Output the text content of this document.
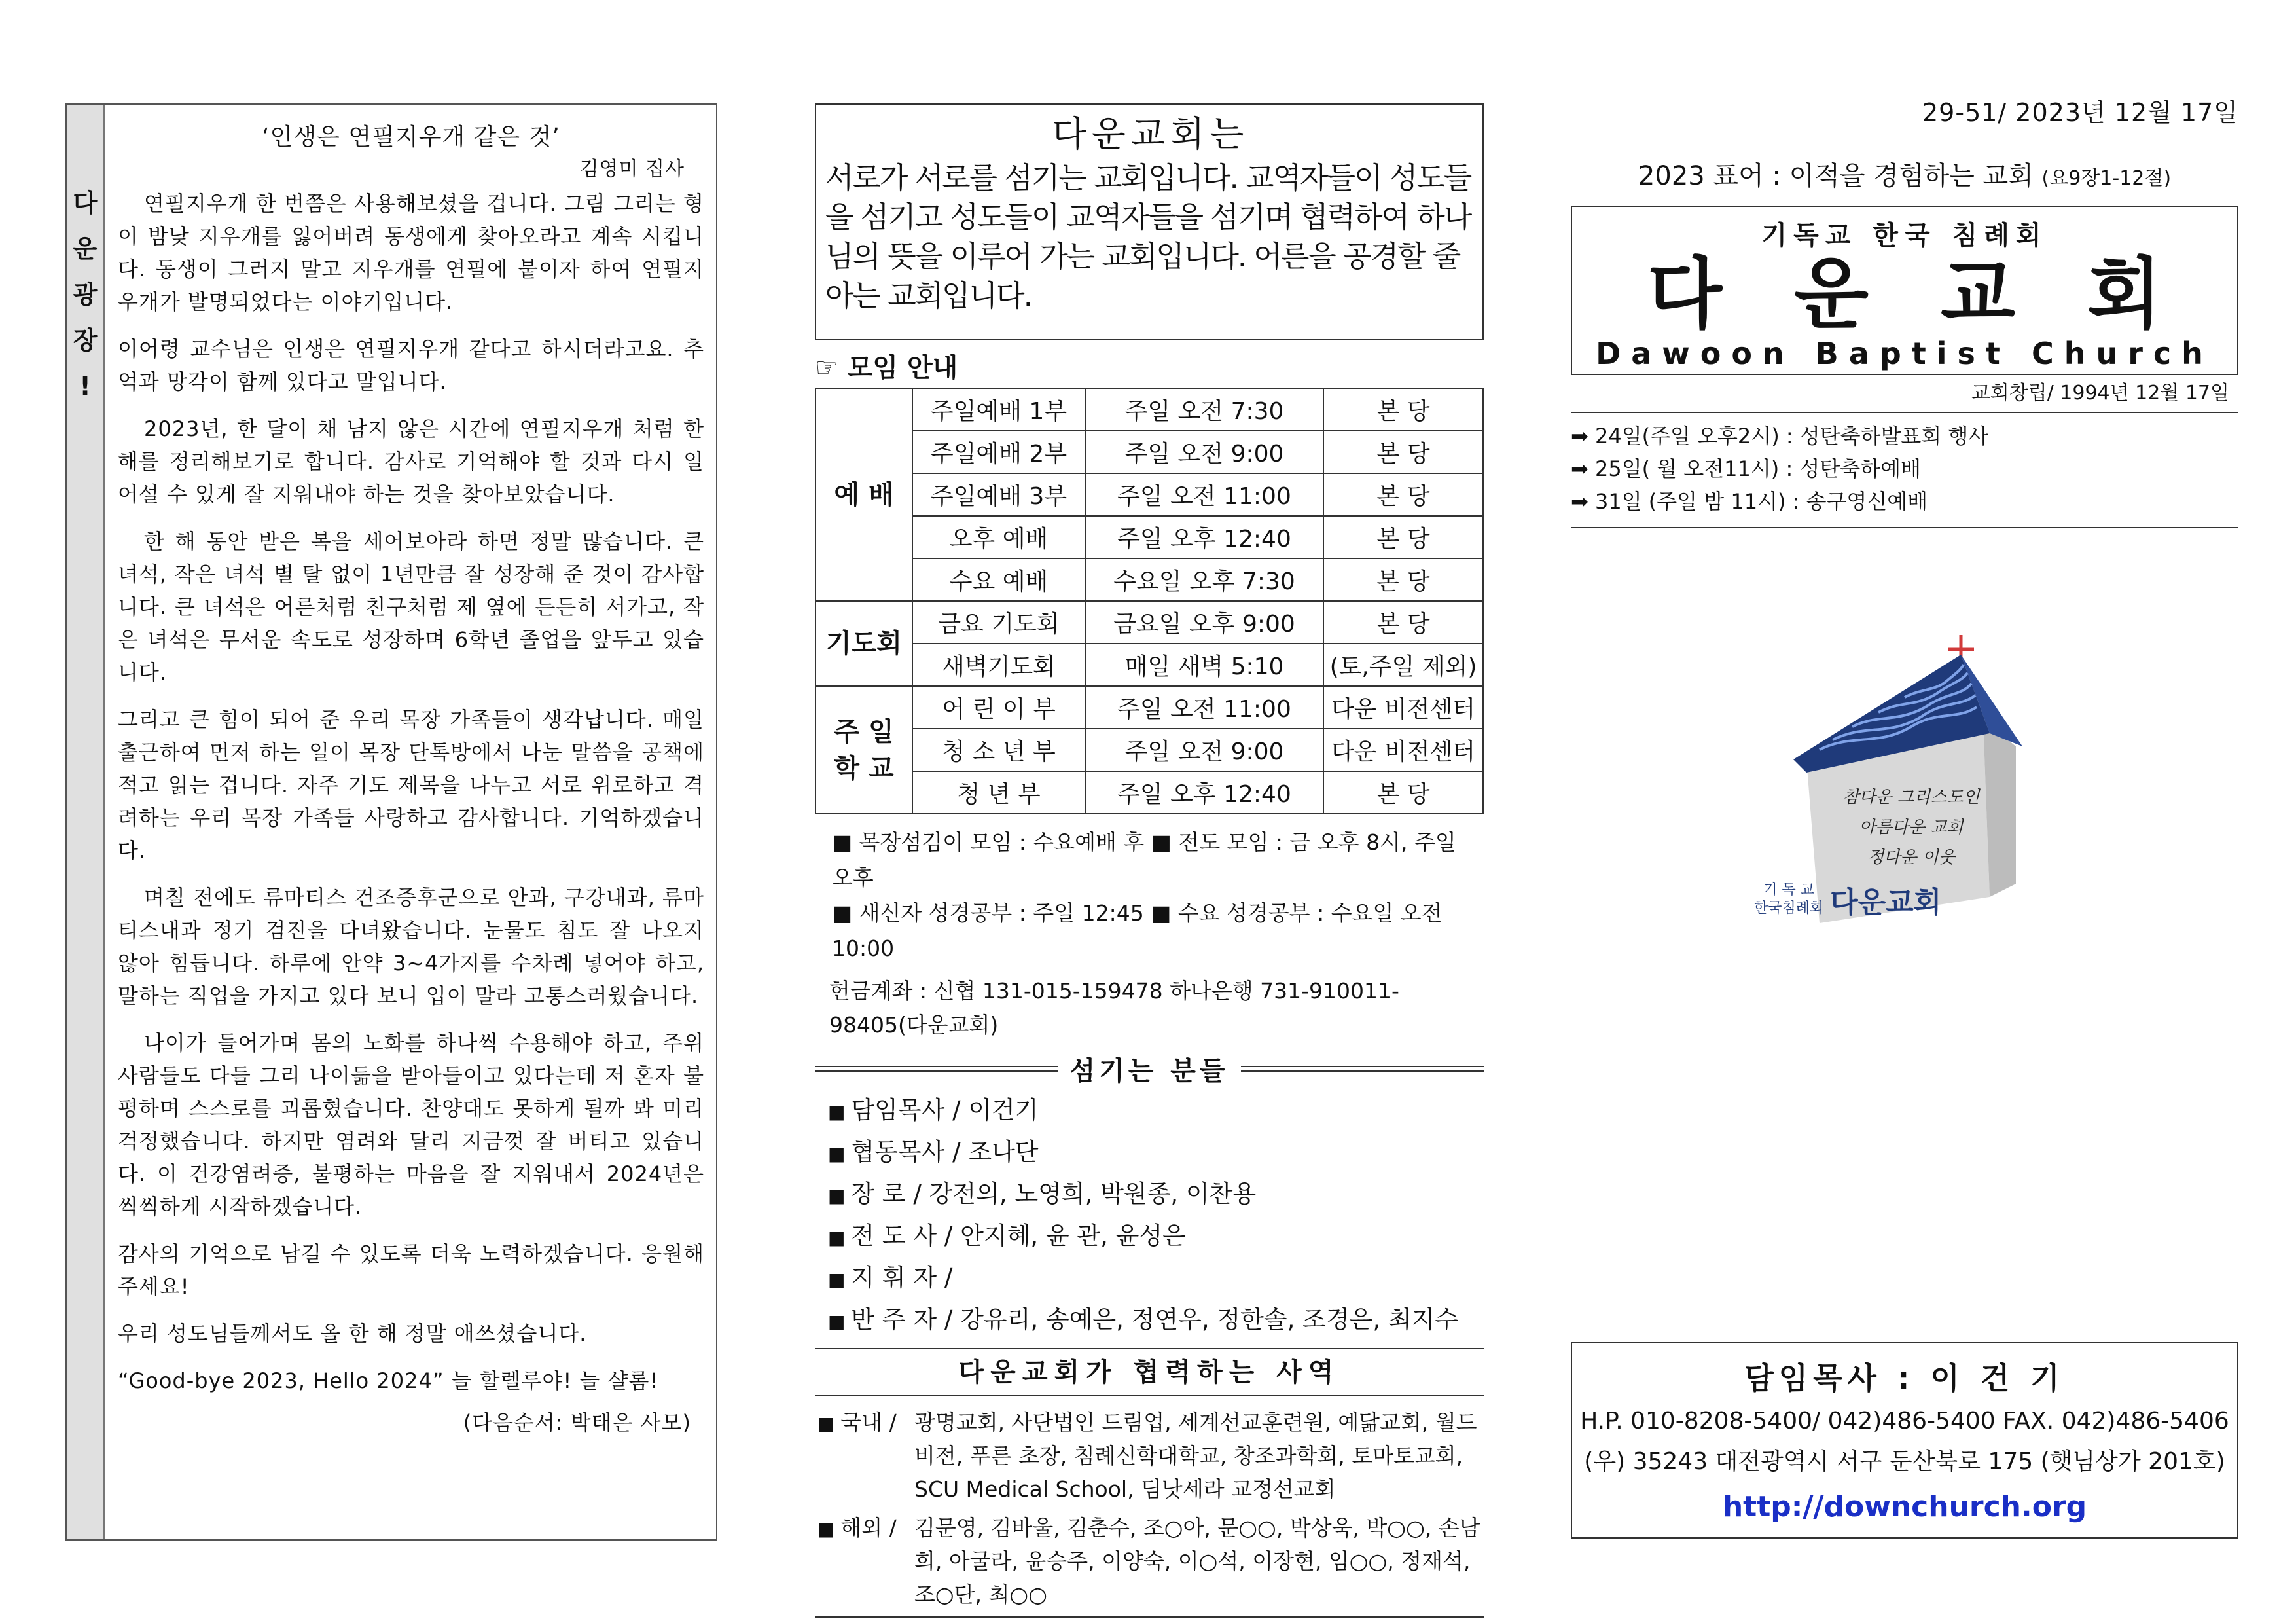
다
운
광
장
!
‘인생은 연필지우개 같은 것’
김영미 집사

연필지우개 한 번쯤은 사용해보셨을 겁니다. 그림 그리는 형이 밤낮 지우개를 잃어버려 동생에게 찾아오라고 계속 시킵니다. 동생이 그러지 말고 지우개를 연필에 붙이자 하여 연필지우개가 발명되었다는 이야기입니다.

이어령 교수님은 인생은 연필지우개 같다고 하시더라고요. 추억과 망각이 함께 있다고 말입니다.

2023년, 한 달이 채 남지 않은 시간에 연필지우개 처럼 한해를 정리해보기로 합니다. 감사로 기억해야 할 것과 다시 일어설 수 있게 잘 지워내야 하는 것을 찾아보았습니다.

한 해 동안 받은 복을 세어보아라 하면 정말 많습니다. 큰 녀석, 작은 녀석 별 탈 없이 1년만큼 잘 성장해 준 것이 감사합니다. 큰 녀석은 어른처럼 친구처럼 제 옆에 든든히 서가고, 작은 녀석은 무서운 속도로 성장하며 6학년 졸업을 앞두고 있습니다.

그리고 큰 힘이 되어 준 우리 목장 가족들이 생각납니다. 매일 출근하여 먼저 하는 일이 목장 단톡방에서 나눈 말씀을 공책에 적고 읽는 겁니다. 자주 기도 제목을 나누고 서로 위로하고 격려하는 우리 목장 가족들 사랑하고 감사합니다. 기억하겠습니다.

며칠 전에도 류마티스 건조증후군으로 안과, 구강내과, 류마티스내과 정기 검진을 다녀왔습니다. 눈물도 침도 잘 나오지 않아 힘듭니다. 하루에 안약 3~4가지를 수차례 넣어야 하고, 말하는 직업을 가지고 있다 보니 입이 말라 고통스러웠습니다.

나이가 들어가며 몸의 노화를 하나씩 수용해야 하고, 주위 사람들도 다들 그리 나이듦을 받아들이고 있다는데 저 혼자 불평하며 스스로를 괴롭혔습니다. 찬양대도 못하게 될까 봐 미리 걱정했습니다. 하지만 염려와 달리 지금껏 잘 버티고 있습니다. 이 건강염려증, 불평하는 마음을 잘 지워내서 2024년은 씩씩하게 시작하겠습니다.

감사의 기억으로 남길 수 있도록 더욱 노력하겠습니다. 응원해주세요!

우리 성도님들께서도 올 한 해 정말 애쓰셨습니다.

“Good-bye 2023, Hello 2024” 늘 할렐루야! 늘 샬롬!

(다음순서: 박태은 사모)
다운교회는
서로가 서로를 섬기는 교회입니다. 교역자들이 성도들을 섬기고 성도들이 교역자들을 섬기며 협력하여 하나님의 뜻을 이루어 가는 교회입니다. 어른을 공경할 줄 아는 교회입니다.
☞ 모임 안내
예 배	주일예배 1부	주일 오전 7:30	본 당
	주일예배 2부	주일 오전 9:00	본 당
	주일예배 3부	주일 오전 11:00	본 당
	오후 예배	주일 오후 12:40	본 당
	수요 예배	수요일 오후 7:30	본 당
기도회	금요 기도회	금요일 오후 9:00	본 당
	새벽기도회	매일 새벽 5:10	(토,주일 제외)
주 일 학 교	어 린 이 부	주일 오전 11:00	다운 비전센터
	청 소 년 부	주일 오전 9:00	다운 비전센터
	청 년 부	주일 오후 12:40	본 당
■ 목장섬김이 모임 : 수요예배 후 ■ 전도 모임 : 금 오후 8시, 주일 오후
■ 새신자 성경공부 : 주일 12:45 ■ 수요 성경공부 : 수요일 오전 10:00
헌금계좌 : 신협 131-015-159478 하나은행 731-910011-98405(다운교회)
섬기는 분들
■ 담임목사 / 이건기
■ 협동목사 / 조나단
■ 장 로 / 강전의, 노영희, 박원종, 이찬용
■ 전 도 사 / 안지혜, 윤 관, 윤성은
■ 지 휘 자 /
■ 반 주 자 / 강유리, 송예은, 정연우, 정한솔, 조경은, 최지수
다운교회가 협력하는 사역
■ 국내 / 광명교회, 사단법인 드림업, 세계선교훈련원, 예닮교회, 월드비전, 푸른 초장, 침례신학대학교, 창조과학회, 토마토교회, SCU Medical School, 딤낫세라 교정선교회
■ 해외 / 김문영, 김바울, 김춘수, 조○아, 문○○, 박상욱, 박○○, 손남희, 아굴라, 윤승주, 이양숙, 이○석, 이장현, 임○○, 정재석, 조○단, 최○○
29-51/ 2023년 12월 17일
2023 표어 : 이적을 경험하는 교회 (요9장1-12절)
기독교 한국 침례회
다운교회
Dawoon Baptist Church
교회창립/ 1994년 12월 17일
➡ 24일(주일 오후2시) : 성탄축하발표회 행사
➡ 25일( 월 오전11시) : 성탄축하예배
➡ 31일 (주일 밤 11시) : 송구영신예배
참다운 그리스도인
아름다운 교회
정다운 이웃
기 독 교
한국침례회 다운교회
담임목사 : 이 건 기
H.P. 010-8208-5400/ 042)486-5400 FAX. 042)486-5406
(우) 35243 대전광역시 서구 둔산북로 175 (햇님상가 201호)
http://downchurch.org
